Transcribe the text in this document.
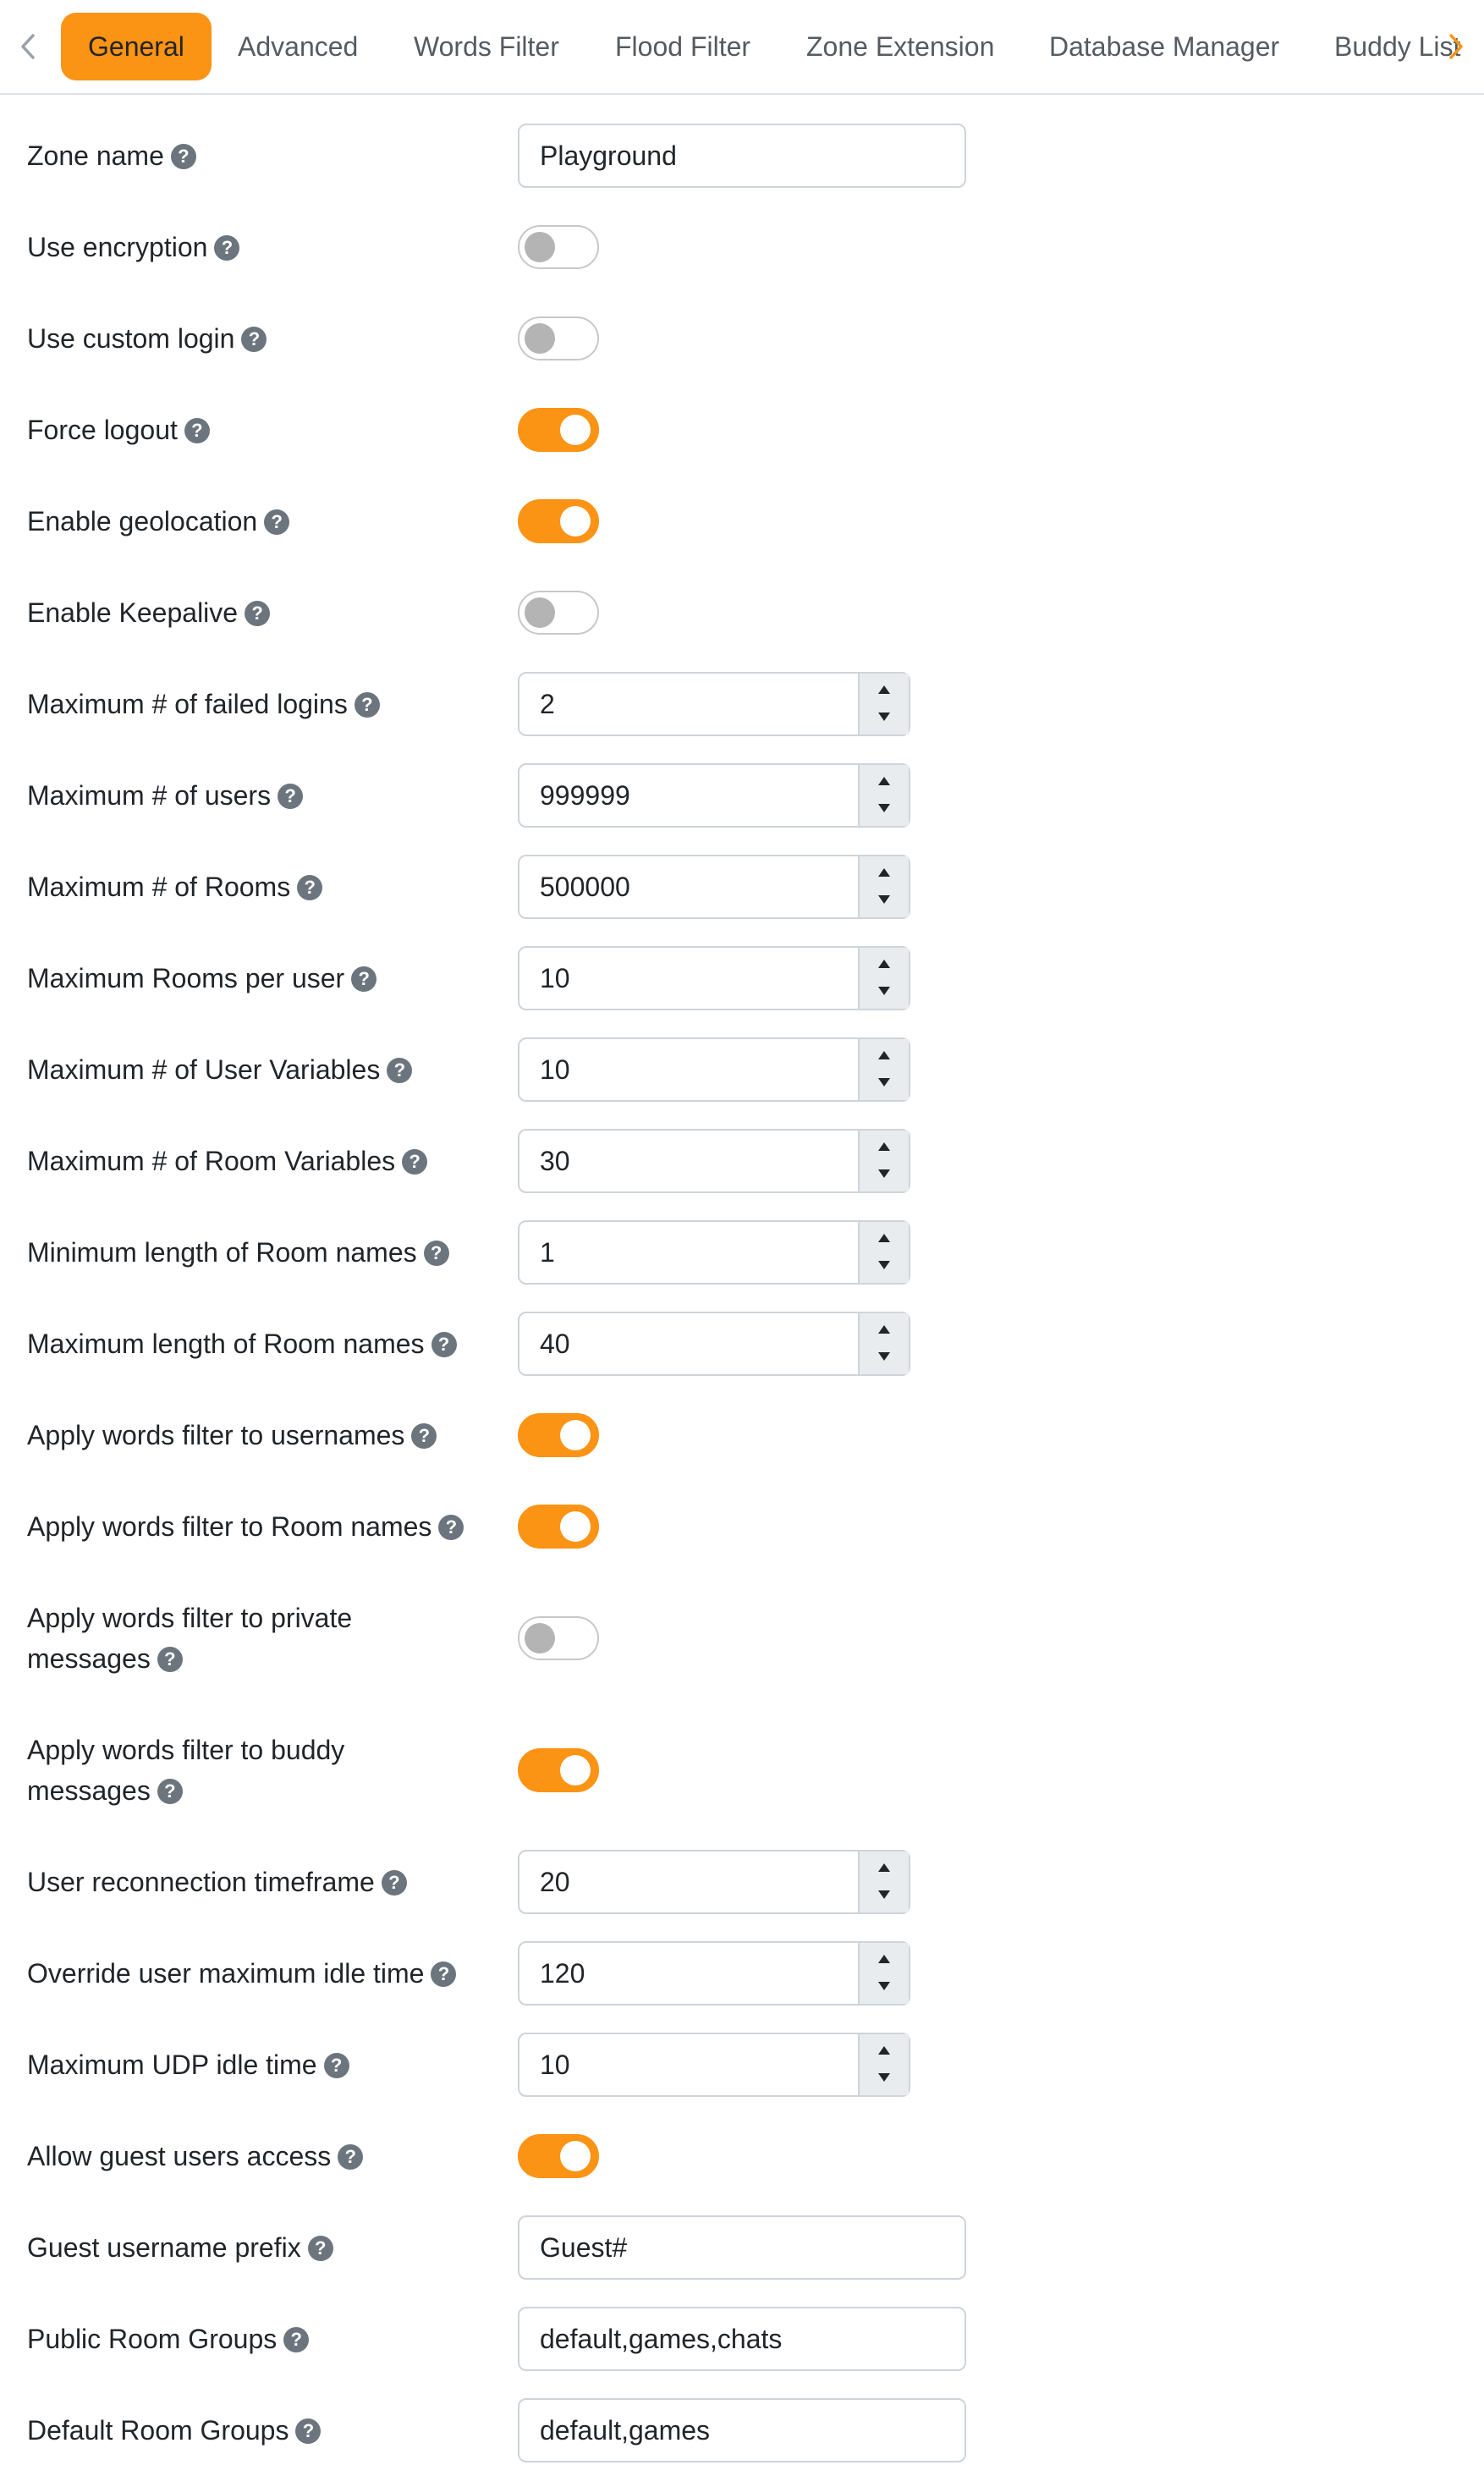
General	Advanced Words Filter Flood Filter Zone Extension Database Manager Buddy List
Zone name ?
Playground
Use encryption ?
Use custom login ?
Force logout ?
Enable geolocation ?
Enable Keepalive ?
Maximum # of failed logins ?	2
Maximum # of users ?	999999
Maximum # of Rooms ?	500000
Maximum Rooms per user ?	10
Maximum # of User Variables ?	10
Maximum # of Room Variables ?	30
Minimum length of Room names ?	1
Maximum length of Room names ?	40
Apply words filter to usernames ?
Apply words filter to Room names ?
Apply words filter to private
messages ?
Apply words filter to buddy
messages ?
User reconnection timeframe ?	20
Override user maximum idle time ?	120
Maximum UDP idle time ?	10
Allow guest users access ?
Guest username prefix ?
Guest#
Public Room Groups ?
default,games,chats
Default Room Groups ?
default,games
